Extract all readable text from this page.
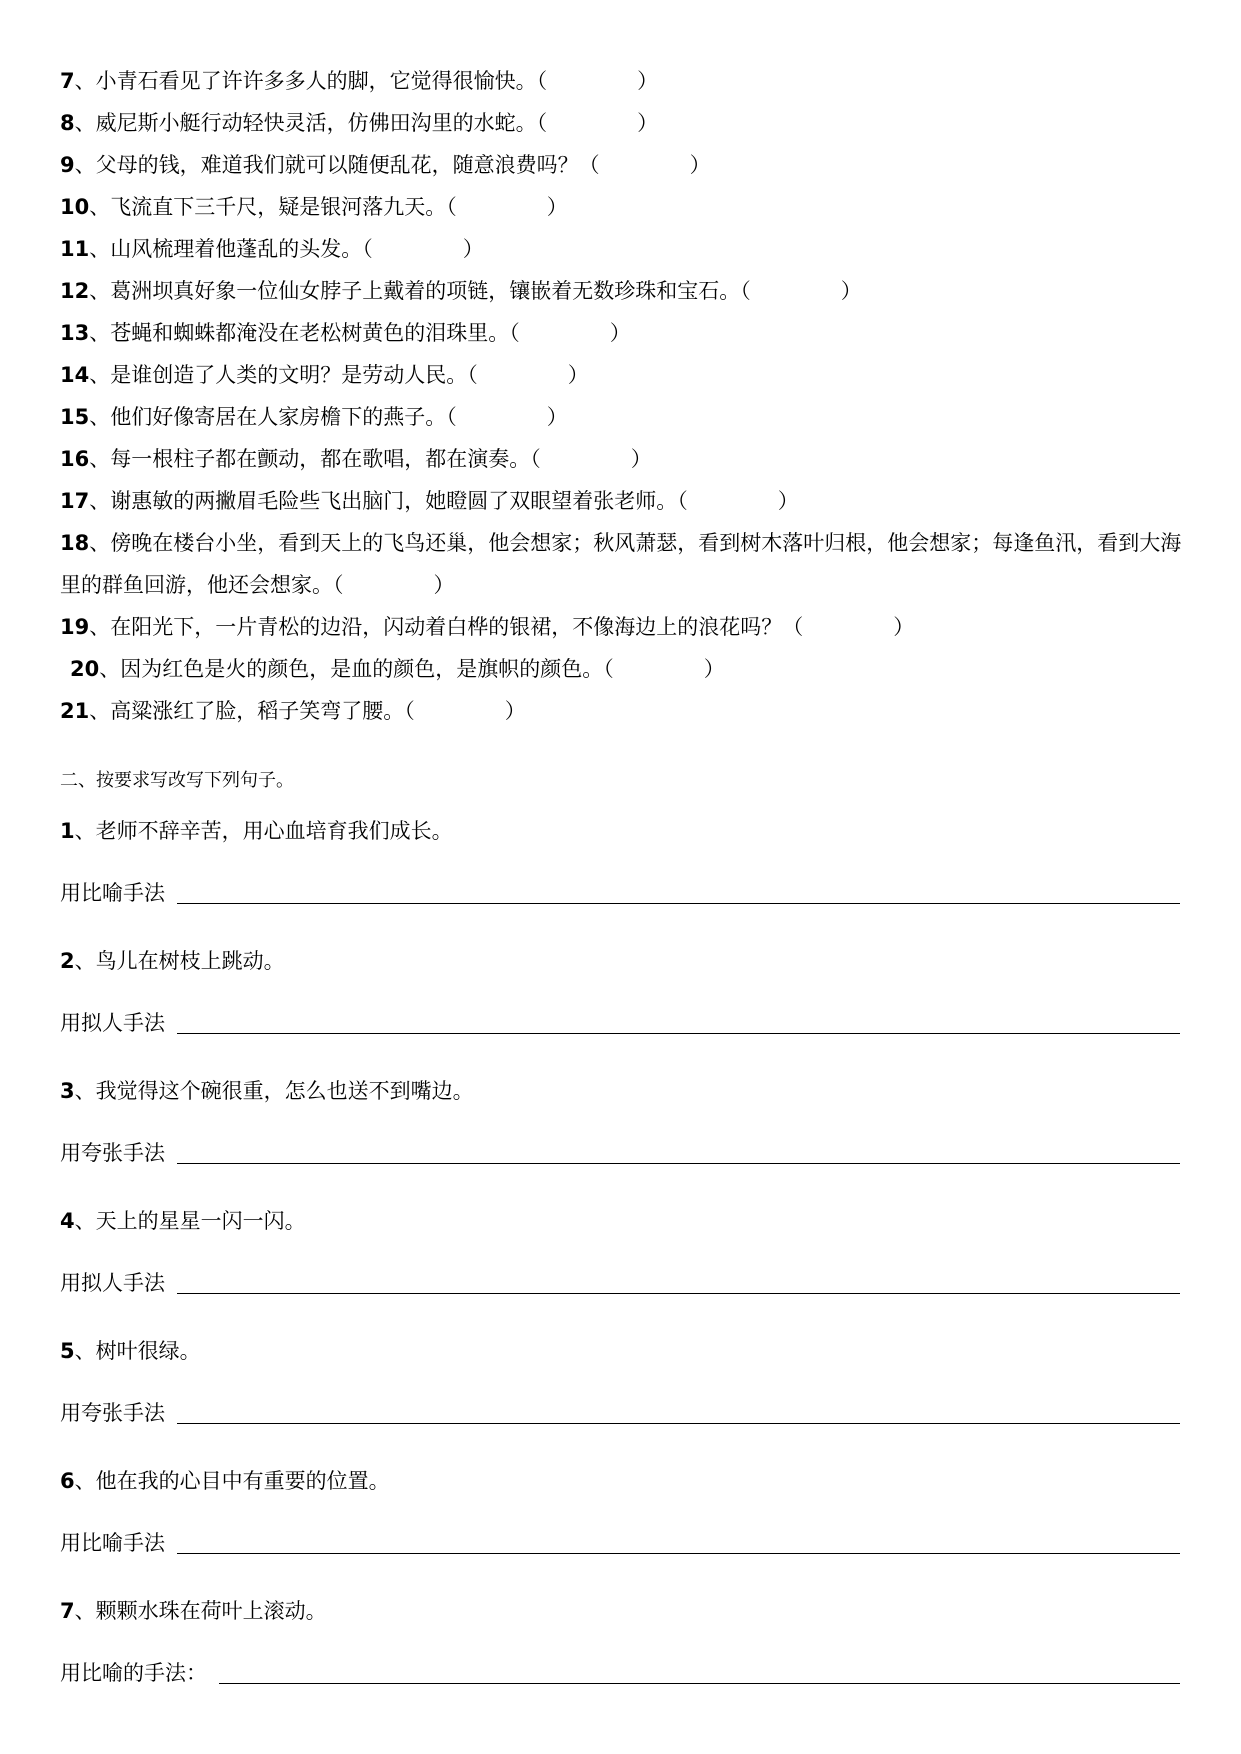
7、小青石看见了许许多多人的脚，它觉得很愉快。（	）
8、威尼斯小艇行动轻快灵活，仿佛田沟里的水蛇。（	）
9、父母的钱，难道我们就可以随便乱花，随意浪费吗？（	）
10、飞流直下三千尺，疑是银河落九天。（	）
11、山风梳理着他蓬乱的头发。（	）
12、葛洲坝真好象一位仙女脖子上戴着的项链，镶嵌着无数珍珠和宝石。（	）
13、苍蝇和蜘蛛都淹没在老松树黄色的泪珠里。（	）
14、是谁创造了人类的文明？是劳动人民。（	）
15、他们好像寄居在人家房檐下的燕子。（	）
16、每一根柱子都在颤动，都在歌唱，都在演奏。（	）
17、谢惠敏的两撇眉毛险些飞出脑门，她瞪圆了双眼望着张老师。（	）
18、傍晚在楼台小坐，看到天上的飞鸟还巢，他会想家；秋风萧瑟，看到树木落叶归根，他会想家；每逢鱼汛，看到大海里的群鱼回游，他还会想家。（	）
19、在阳光下，一片青松的边沿，闪动着白桦的银裙，不像海边上的浪花吗？（	）
20、因为红色是火的颜色，是血的颜色，是旗帜的颜色。（	）
21、高粱涨红了脸，稻子笑弯了腰。（	）
二、按要求写改写下列句子。
1、老师不辞辛苦，用心血培育我们成长。
用比喻手法
2、鸟儿在树枝上跳动。
用拟人手法
3、我觉得这个碗很重，怎么也送不到嘴边。
用夸张手法
4、天上的星星一闪一闪。
用拟人手法
5、树叶很绿。
用夸张手法
6、他在我的心目中有重要的位置。
用比喻手法
7、颗颗水珠在荷叶上滚动。
用比喻的手法：
